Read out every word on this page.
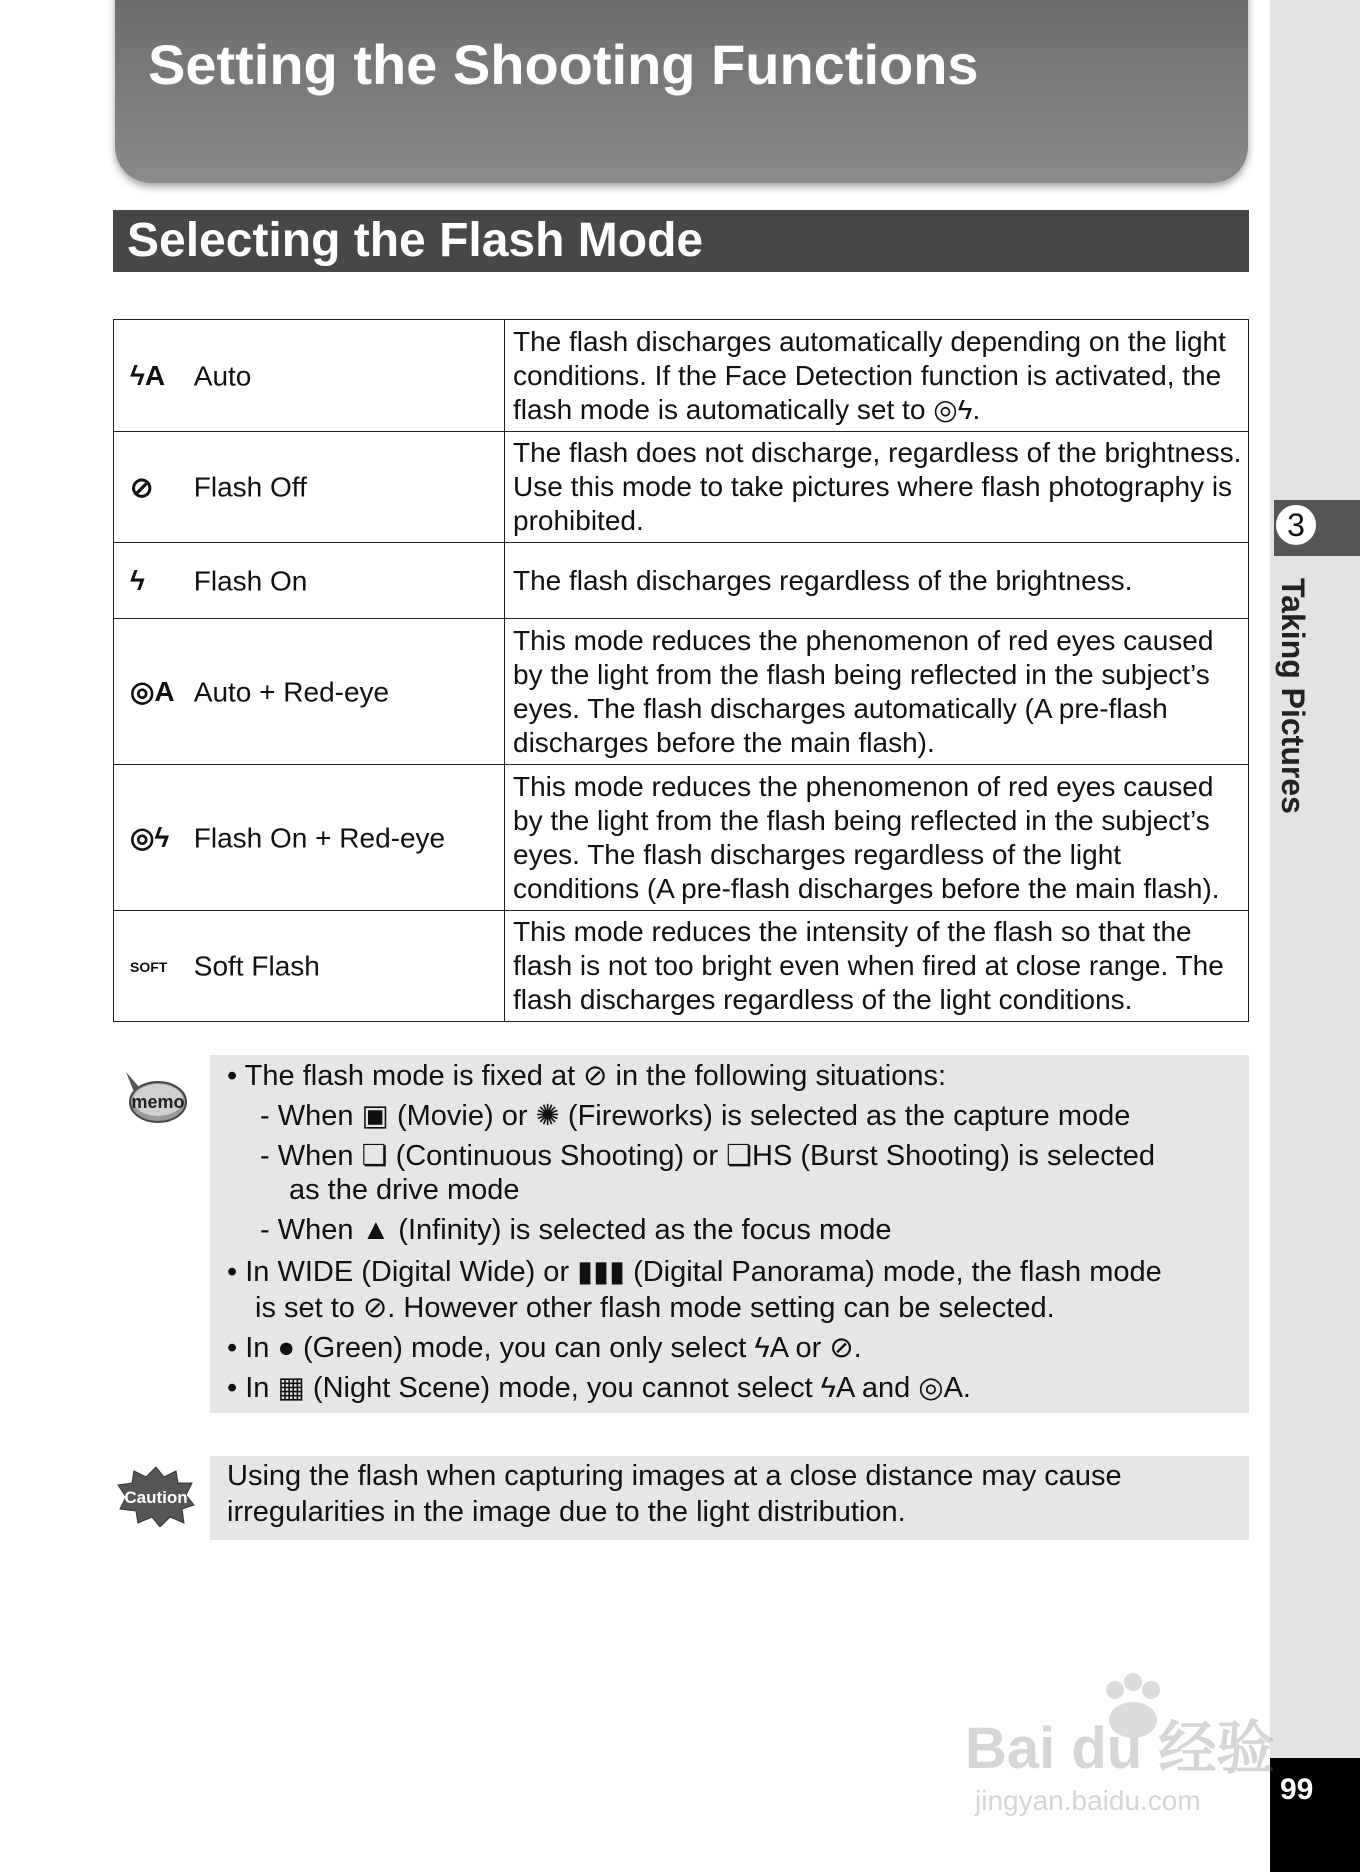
3
Taking Pictures
99
Setting the Shooting Functions
Selecting the Flash Mode
ϟA Auto	The flash discharges automatically depending on the light conditions. If the Face Detection function is activated, the flash mode is automatically set to ◎ϟ.
⊘ Flash Off	The flash does not discharge, regardless of the brightness. Use this mode to take pictures where flash photography is prohibited.
ϟ Flash On	The flash discharges regardless of the brightness.
◎A Auto + Red-eye	This mode reduces the phenomenon of red eyes caused by the light from the flash being reflected in the subject’s eyes. The flash discharges automatically (A pre-flash discharges before the main flash).
◎ϟ Flash On + Red-eye	This mode reduces the phenomenon of red eyes caused by the light from the flash being reflected in the subject’s eyes. The flash discharges regardless of the light conditions (A pre-flash discharges before the main flash).
SOFT Soft Flash	This mode reduces the intensity of the flash so that the flash is not too bright even when fired at close range. The flash discharges regardless of the light conditions.
memo
• The flash mode is fixed at ⊘ in the following situations:
- When ▣ (Movie) or ✺ (Fireworks) is selected as the capture mode
- When ❏ (Continuous Shooting) or ❏HS (Burst Shooting) is selected
as the drive mode
- When ▲ (Infinity) is selected as the focus mode
• In WIDE (Digital Wide) or ▮▮▮ (Digital Panorama) mode, the flash mode
is set to ⊘. However other flash mode setting can be selected.
• In ● (Green) mode, you can only select ϟA or ⊘.
• In ▦ (Night Scene) mode, you cannot select ϟA and ◎A.
Caution
Using the flash when capturing images at a close distance may cause
irregularities in the image due to the light distribution.
Bai du 经验
jingyan.baidu.com
